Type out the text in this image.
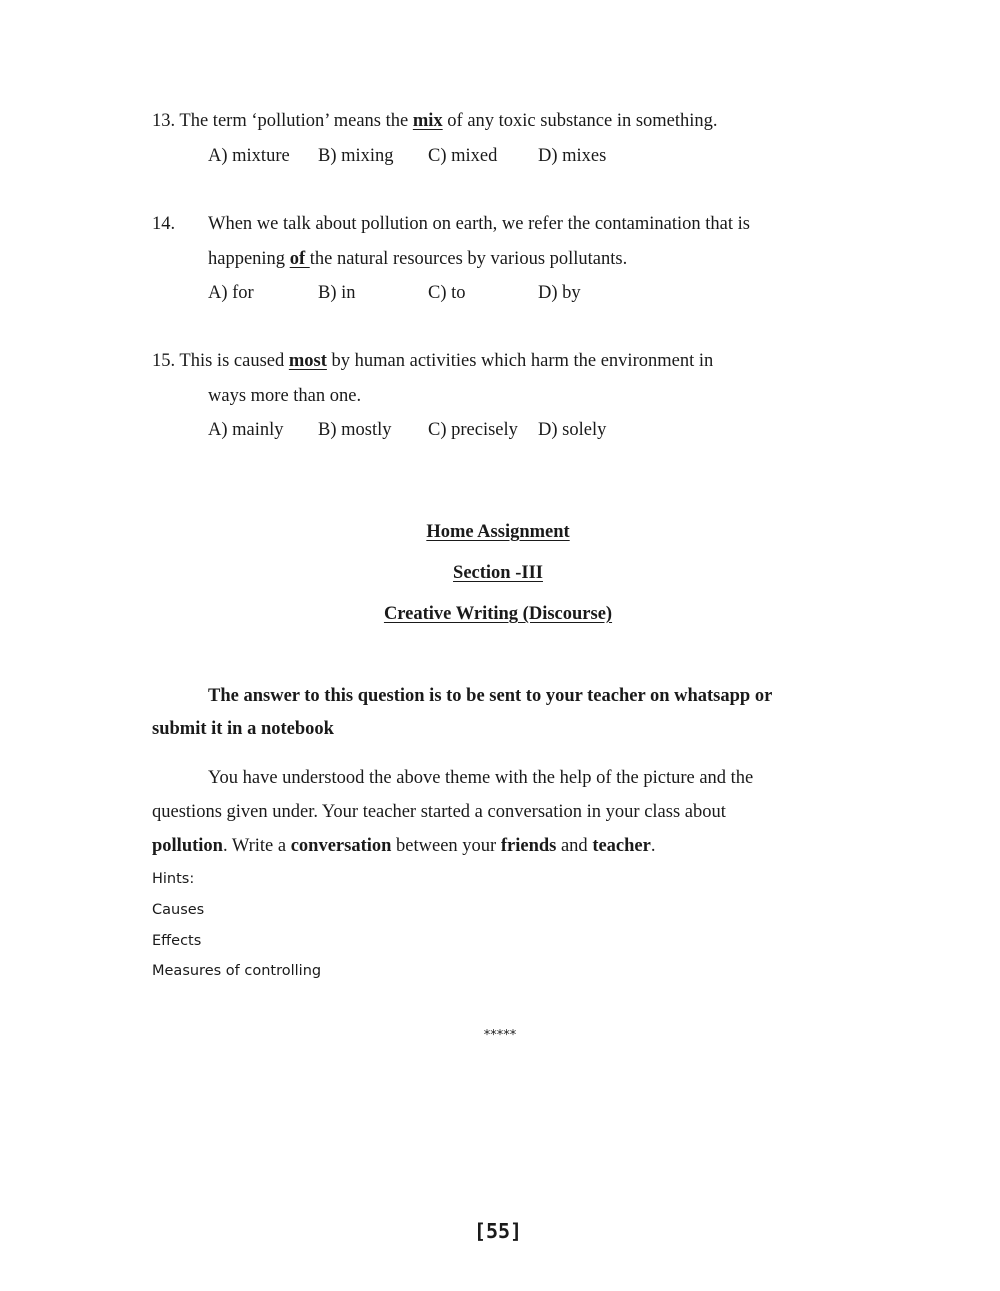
13. The term ‘pollution’ means the mix of any toxic substance in something.
A) mixture B) mixing C) mixed D) mixes
14. When we talk about pollution on earth, we refer the contamination that is
happening of the natural resources by various pollutants.
A) for	B) in	C) to	D) by
15. This is caused most by human activities which harm the environment in
ways more than one.
A) mainly B) mostly C) precisely D) solely
Home Assignment
Section -III
Creative Writing (Discourse)
The answer to this question is to be sent to your teacher on whatsapp or
submit it in a notebook
You have understood the above theme with the help of the picture and the
questions given under. Your teacher started a conversation in your class about
pollution. Write a conversation between your friends and teacher.
Hints:
Causes
Effects
Measures of controlling
*****
[55]
